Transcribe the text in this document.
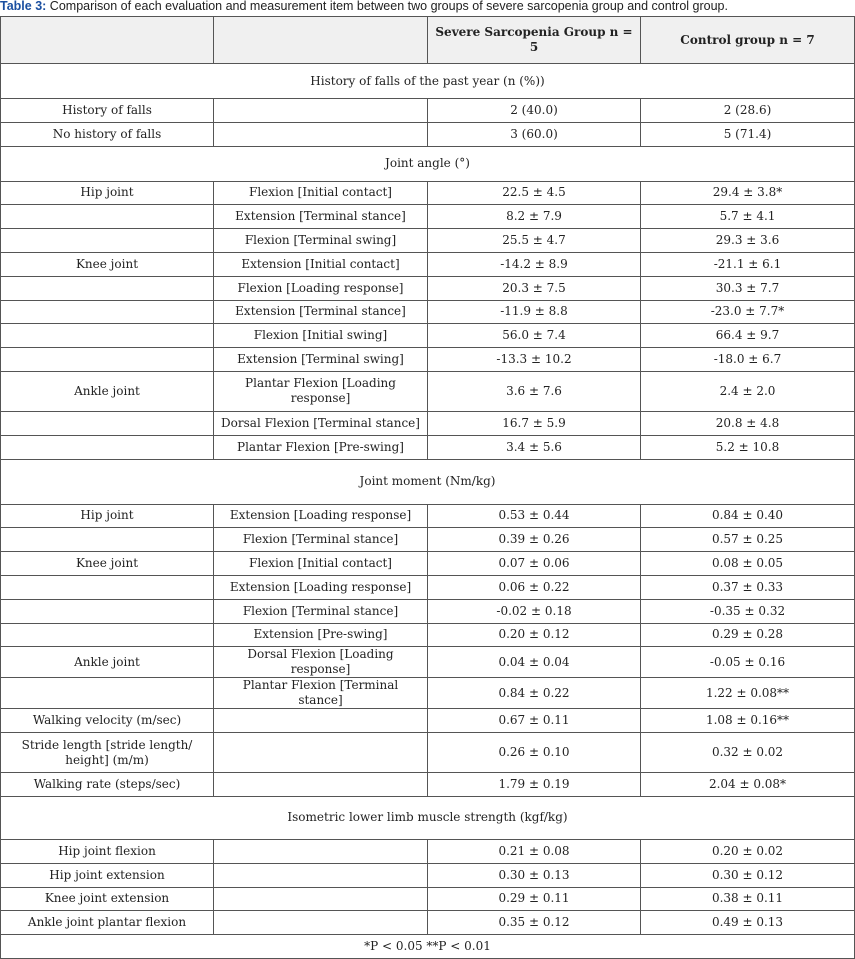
Table 3: Comparison of each evaluation and measurement item between two groups of severe sarcopenia group and control group.
		Severe Sarcopenia Group n = 5	Control group n = 7
History of falls of the past year (n (%))			
History of falls		2 (40.0)	2 (28.6)
No history of falls		3 (60.0)	5 (71.4)
Joint angle (°)			
Hip joint	Flexion [Initial contact]	22.5 ± 4.5	29.4 ± 3.8*
	Extension [Terminal stance]	8.2 ± 7.9	5.7 ± 4.1
	Flexion [Terminal swing]	25.5 ± 4.7	29.3 ± 3.6
Knee joint	Extension [Initial contact]	-14.2 ± 8.9	-21.1 ± 6.1
	Flexion [Loading response]	20.3 ± 7.5	30.3 ± 7.7
	Extension [Terminal stance]	-11.9 ± 8.8	-23.0 ± 7.7*
	Flexion [Initial swing]	56.0 ± 7.4	66.4 ± 9.7
	Extension [Terminal swing]	-13.3 ± 10.2	-18.0 ± 6.7
Ankle joint	Plantar Flexion [Loading response]	3.6 ± 7.6	2.4 ± 2.0
	Dorsal Flexion [Terminal stance]	16.7 ± 5.9	20.8 ± 4.8
	Plantar Flexion [Pre-swing]	3.4 ± 5.6	5.2 ± 10.8
Joint moment (Nm/kg)			
Hip joint	Extension [Loading response]	0.53 ± 0.44	0.84 ± 0.40
	Flexion [Terminal stance]	0.39 ± 0.26	0.57 ± 0.25
Knee joint	Flexion [Initial contact]	0.07 ± 0.06	0.08 ± 0.05
	Extension [Loading response]	0.06 ± 0.22	0.37 ± 0.33
	Flexion [Terminal stance]	-0.02 ± 0.18	-0.35 ± 0.32
	Extension [Pre-swing]	0.20 ± 0.12	0.29 ± 0.28
Ankle joint	Dorsal Flexion [Loading response]	0.04 ± 0.04	-0.05 ± 0.16
	Plantar Flexion [Terminal stance]	0.84 ± 0.22	1.22 ± 0.08**
Walking velocity (m/sec)		0.67 ± 0.11	1.08 ± 0.16**
Stride length [stride length/ height] (m/m)		0.26 ± 0.10	0.32 ± 0.02
Walking rate (steps/sec)		1.79 ± 0.19	2.04 ± 0.08*
Isometric lower limb muscle strength (kgf/kg)			
Hip joint flexion		0.21 ± 0.08	0.20 ± 0.02
Hip joint extension		0.30 ± 0.13	0.30 ± 0.12
Knee joint extension		0.29 ± 0.11	0.38 ± 0.11
Ankle joint plantar flexion		0.35 ± 0.12	0.49 ± 0.13
*P < 0.05 **P < 0.01			
